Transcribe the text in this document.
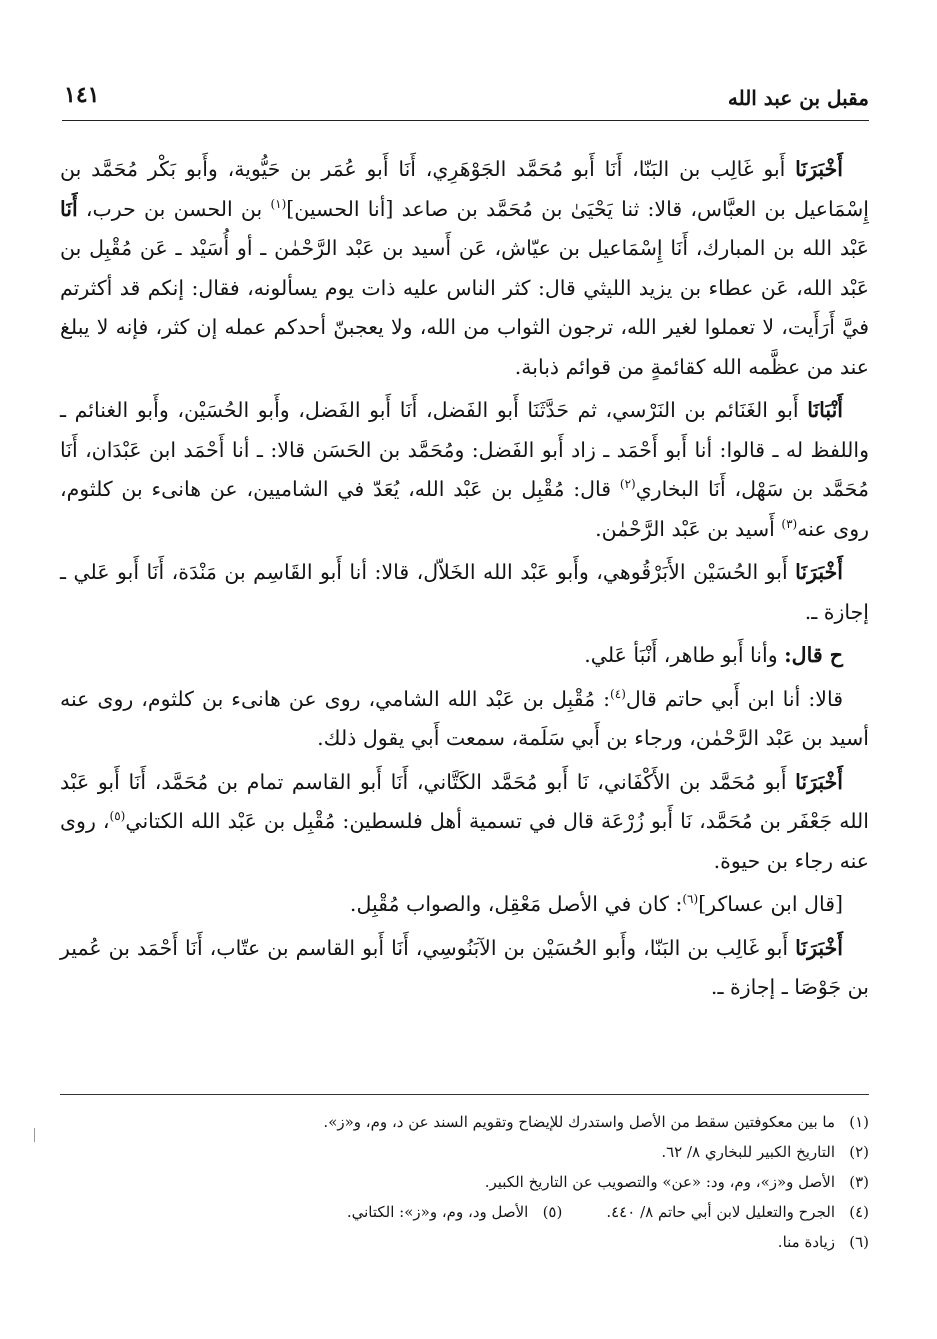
مقبل بن عبد الله
١٤١

أَخْبَرَنَا أَبو غَالِب بن البَنّا، أَنَا أَبو مُحَمَّد الجَوْهَرِي، أَنَا أَبو عُمَر بن حَيُّوية، وأَبو بَكْر مُحَمَّد بن إِسْمَاعيل بن العبَّاس، قالا: ثنا يَحْيَىٰ بن مُحَمَّد بن صاعد [أنا الحسين]$^{(١)}$ بن الحسن بن حرب، أَنَا عَبْد الله بن المبارك، أَنَا إِسْمَاعيل بن عيّاش، عَن أَسيد بن عَبْد الرَّحْمٰن ـ أو أُسَيْد ـ عَن مُقْبِل بن عَبْد الله، عَن عطاء بن يزيد الليثي قال: كثر الناس عليه ذات يوم يسألونه، فقال: إنكم قد أكثرتم فيَّ أَرَأَيت، لا تعملوا لغير الله، ترجون الثواب من الله، ولا يعجبنّ أحدكم عمله إن كثر، فإنه لا يبلغ عند من عظَّمه الله كقائمةٍ من قوائم ذبابة.

أَنْبَانَا أَبو الغَنَائم بن النَرْسي، ثم حَدَّثَنَا أَبو الفَضل، أَنَا أَبو الفَضل، وأَبو الحُسَيْن، وأَبو الغنائم ـ واللفظ له ـ قالوا: أنا أَبو أَحْمَد ـ زاد أَبو الفَضل: ومُحَمَّد بن الحَسَن قالا: ـ أنا أَحْمَد ابن عَبْدَان، أَنَا مُحَمَّد بن سَهْل، أَنَا البخاري$^{(٢)}$ قال: مُقْبِل بن عَبْد الله، يُعَدّ في الشاميين، عن هانىء بن كلثوم، روى عنه$^{(٣)}$ أَسيد بن عَبْد الرَّحْمٰن.

أَخْبَرَنَا أَبو الحُسَيْن الأَبَرْقُوهي، وأَبو عَبْد الله الخَلاّل، قالا: أنا أَبو القَاسِم بن مَنْدَة، أَنَا أَبو عَلي ـ إجازة ـ.

ح قال: وأنا أَبو طاهر، أَنْبَأ عَلي.

قالا: أنا ابن أَبي حاتم قال$^{(٤)}$: مُقْبِل بن عَبْد الله الشامي، روى عن هانىء بن كلثوم، روى عنه أسيد بن عَبْد الرَّحْمٰن، ورجاء بن أَبي سَلَمة، سمعت أَبي يقول ذلك.

أَخْبَرَنَا أَبو مُحَمَّد بن الأَكْفَاني، نَا أَبو مُحَمَّد الكَتَّاني، أَنَا أَبو القاسم تمام بن مُحَمَّد، أَنَا أَبو عَبْد الله جَعْفَر بن مُحَمَّد، نَا أَبو زُرْعَة قال في تسمية أهل فلسطين: مُقْبِل بن عَبْد الله الكتاني$^{(٥)}$، روى عنه رجاء بن حيوة.

[قال ابن عساكر]$^{(٦)}$: كان في الأصل مَعْقِل، والصواب مُقْبِل.

أَخْبَرَنَا أَبو غَالِب بن البَنّا، وأَبو الحُسَيْن بن الآبَنُوسِي، أَنَا أَبو القاسم بن عتّاب، أَنَا أَحْمَد بن عُمير بن جَوْصَا ـ إجازة ـ.

(١)ما بين معكوفتين سقط من الأصل واستدرك للإيضاح وتقويم السند عن د، وم، و«ز».
(٢)التاريخ الكبير للبخاري ٨/ ٦٢.
(٣)الأصل و«ز»، وم، ود: «عن» والتصويب عن التاريخ الكبير.
(٤)الجرح والتعليل لابن أبي حاتم ٨/ ٤٤٠.(٥)الأصل ود، وم، و«ز»: الكتاني.
(٦)زيادة منا.
